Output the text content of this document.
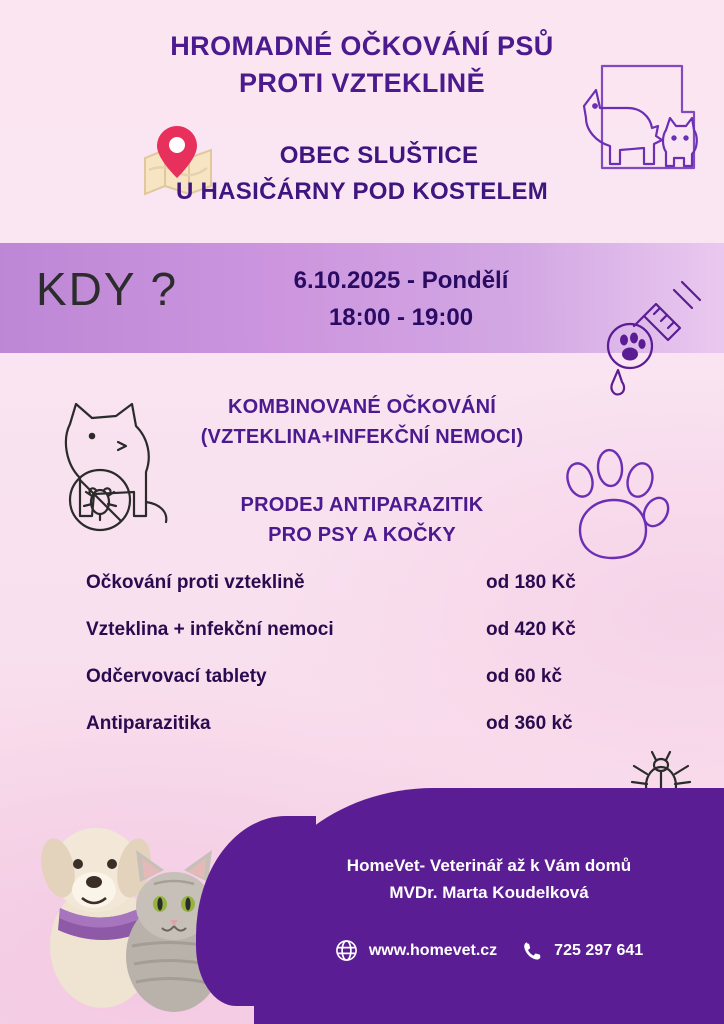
HROMADNÉ OČKOVÁNÍ PSŮ
PROTI VZTEKLINĚ
OBEC SLUŠTICE
U HASIČÁRNY POD KOSTELEM
KDY ?	6.10.2025 - Pondělí
18:00 - 19:00
KOMBINOVANÉ OČKOVÁNÍ
(VZTEKLINA+INFEKČNÍ NEMOCI)
PRODEJ ANTIPARAZITIK
PRO PSY A KOČKY
Očkování proti vzteklině	od 180 Kč
Vzteklina + infekční nemoci	od 420 Kč
Odčervovací tablety	od 60 kč
Antiparazitika	od 360 kč
HomeVet- Veterinář až k Vám domů
MVDr. Marta Koudelková
www.homevet.cz	725 297 641
